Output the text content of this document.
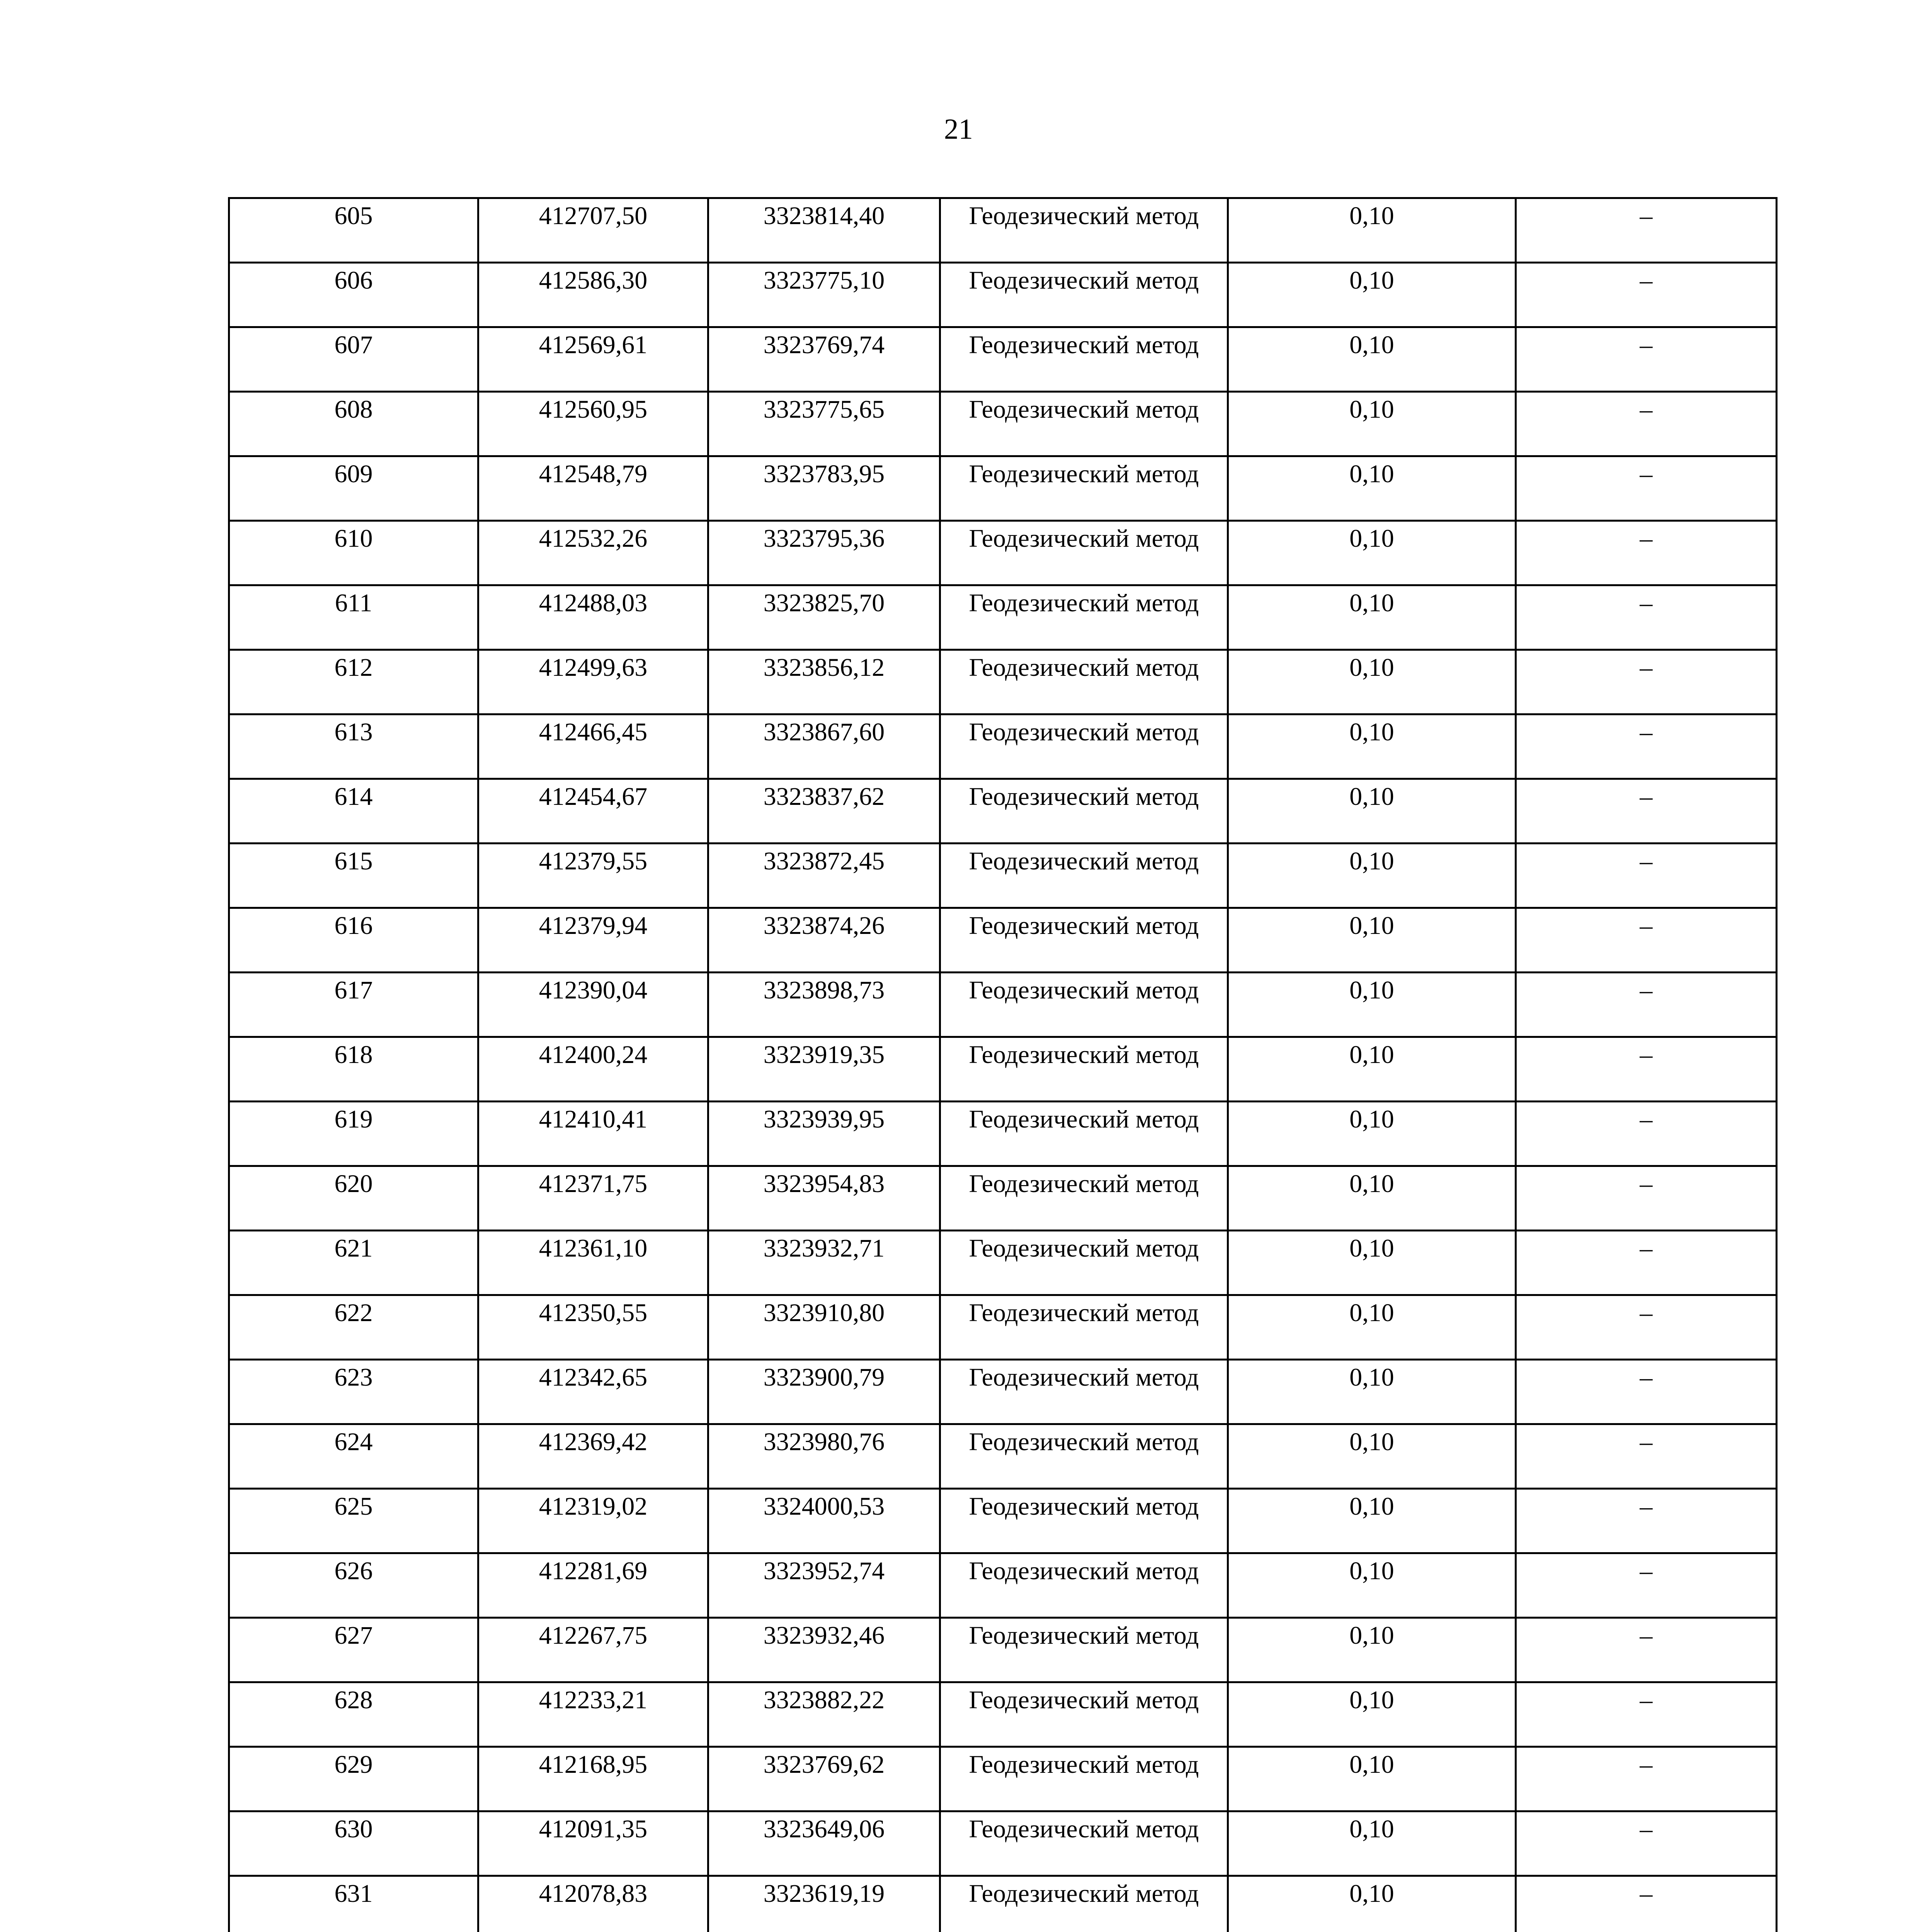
21
605	412707,50	3323814,40	Геодезический метод	0,10	–
606	412586,30	3323775,10	Геодезический метод	0,10	–
607	412569,61	3323769,74	Геодезический метод	0,10	–
608	412560,95	3323775,65	Геодезический метод	0,10	–
609	412548,79	3323783,95	Геодезический метод	0,10	–
610	412532,26	3323795,36	Геодезический метод	0,10	–
611	412488,03	3323825,70	Геодезический метод	0,10	–
612	412499,63	3323856,12	Геодезический метод	0,10	–
613	412466,45	3323867,60	Геодезический метод	0,10	–
614	412454,67	3323837,62	Геодезический метод	0,10	–
615	412379,55	3323872,45	Геодезический метод	0,10	–
616	412379,94	3323874,26	Геодезический метод	0,10	–
617	412390,04	3323898,73	Геодезический метод	0,10	–
618	412400,24	3323919,35	Геодезический метод	0,10	–
619	412410,41	3323939,95	Геодезический метод	0,10	–
620	412371,75	3323954,83	Геодезический метод	0,10	–
621	412361,10	3323932,71	Геодезический метод	0,10	–
622	412350,55	3323910,80	Геодезический метод	0,10	–
623	412342,65	3323900,79	Геодезический метод	0,10	–
624	412369,42	3323980,76	Геодезический метод	0,10	–
625	412319,02	3324000,53	Геодезический метод	0,10	–
626	412281,69	3323952,74	Геодезический метод	0,10	–
627	412267,75	3323932,46	Геодезический метод	0,10	–
628	412233,21	3323882,22	Геодезический метод	0,10	–
629	412168,95	3323769,62	Геодезический метод	0,10	–
630	412091,35	3323649,06	Геодезический метод	0,10	–
631	412078,83	3323619,19	Геодезический метод	0,10	–
